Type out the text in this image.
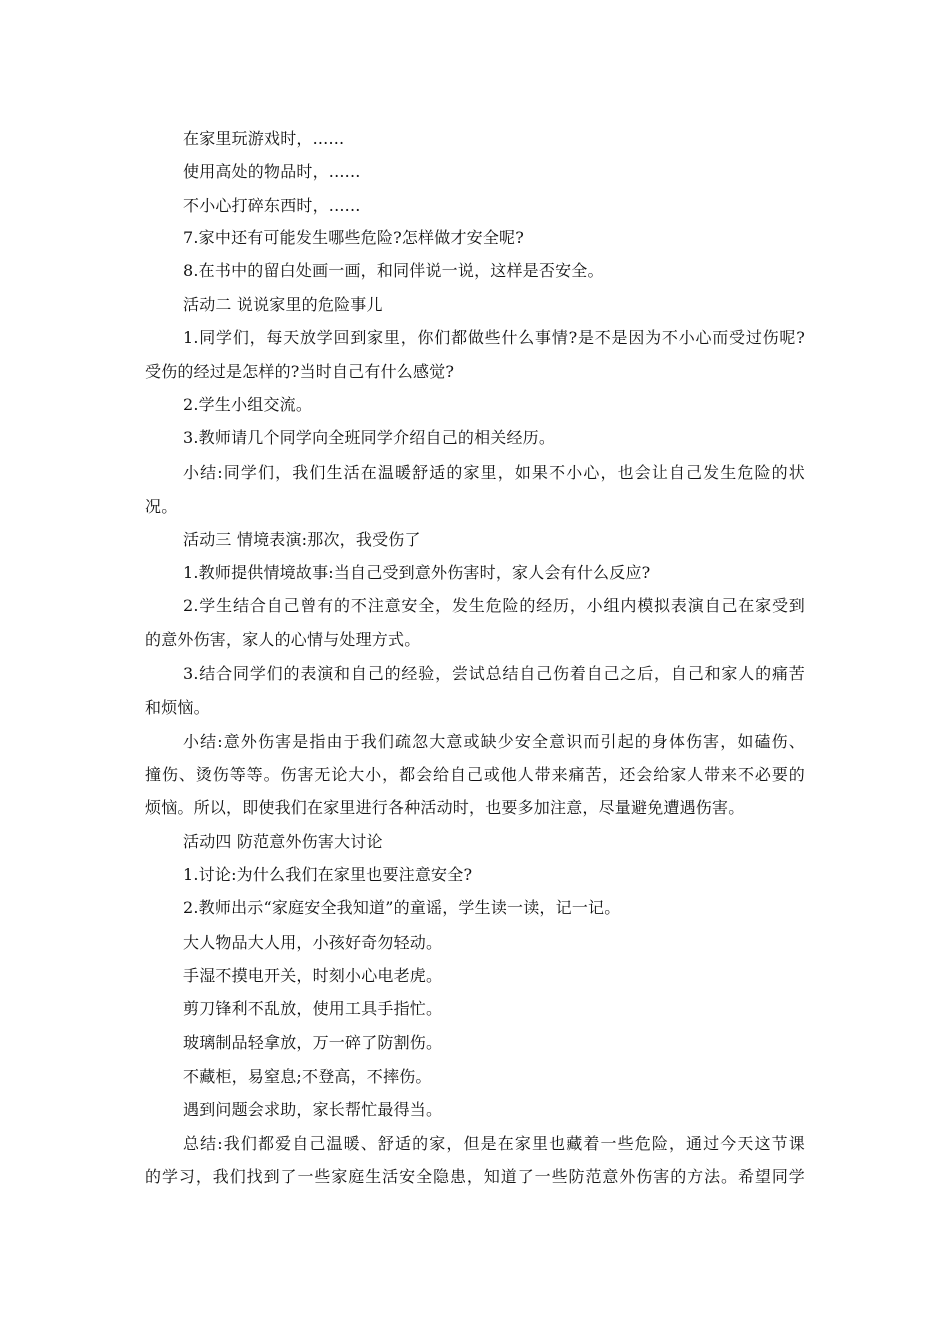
在家里玩游戏时，......
使用高处的物品时，......
不小心打碎东西时，......
7.家中还有可能发生哪些危险?怎样做才安全呢?
8.在书中的留白处画一画，和同伴说一说，这样是否安全。
活动二 说说家里的危险事儿
1.同学们，每天放学回到家里，你们都做些什么事情?是不是因为不小心而受过伤呢?
受伤的经过是怎样的?当时自己有什么感觉?
2.学生小组交流。
3.教师请几个同学向全班同学介绍自己的相关经历。
小结:同学们，我们生活在温暖舒适的家里，如果不小心，也会让自己发生危险的状
况。
活动三 情境表演:那次，我受伤了
1.教师提供情境故事:当自己受到意外伤害时，家人会有什么反应?
2.学生结合自己曾有的不注意安全，发生危险的经历，小组内模拟表演自己在家受到
的意外伤害，家人的心情与处理方式。
3.结合同学们的表演和自己的经验，尝试总结自己伤着自己之后，自己和家人的痛苦
和烦恼。
小结:意外伤害是指由于我们疏忽大意或缺少安全意识而引起的身体伤害，如磕伤、
撞伤、烫伤等等。伤害无论大小，都会给自己或他人带来痛苦，还会给家人带来不必要的
烦恼。所以，即使我们在家里进行各种活动时，也要多加注意，尽量避免遭遇伤害。
活动四 防范意外伤害大讨论
1.讨论:为什么我们在家里也要注意安全?
2.教师出示“家庭安全我知道”的童谣，学生读一读，记一记。
大人物品大人用，小孩好奇勿轻动。
手湿不摸电开关，时刻小心电老虎。
剪刀锋利不乱放，使用工具手指忙。
玻璃制品轻拿放，万一碎了防割伤。
不藏柜，易窒息;不登高，不摔伤。
遇到问题会求助，家长帮忙最得当。
总结:我们都爱自己温暖、舒适的家，但是在家里也藏着一些危险，通过今天这节课
的学习，我们找到了一些家庭生活安全隐患，知道了一些防范意外伤害的方法。希望同学
